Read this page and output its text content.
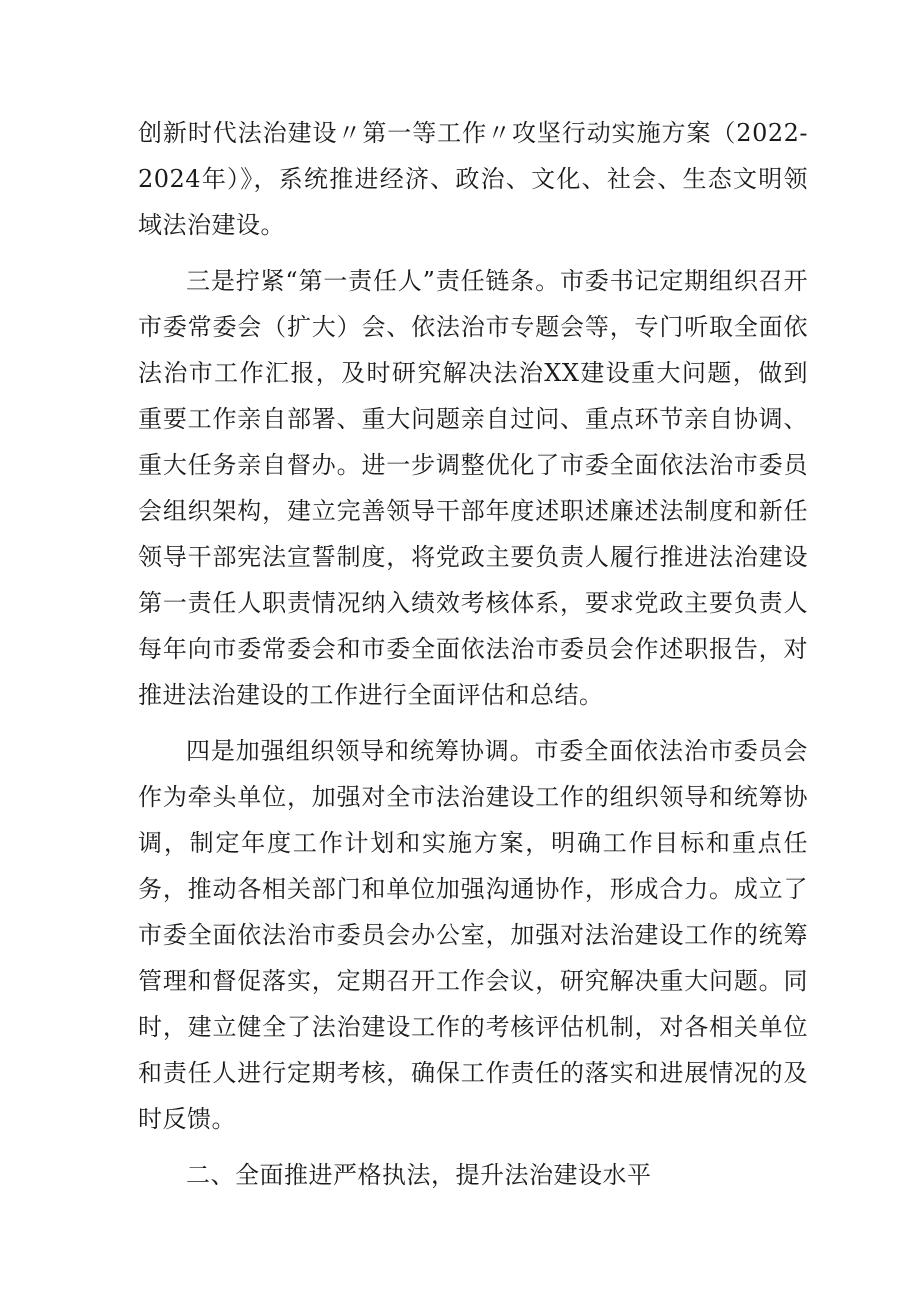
创新时代法治建设〃第一等工作〃攻坚行动实施方案（2022-2024年）》，系统推进经济、政治、文化、社会、生态文明领域法治建设。

三是拧紧“第一责任人”责任链条。市委书记定期组织召开市委常委会（扩大）会、依法治市专题会等，专门听取全面依法治市工作汇报，及时研究解决法治XX建设重大问题，做到重要工作亲自部署、重大问题亲自过问、重点环节亲自协调、重大任务亲自督办。进一步调整优化了市委全面依法治市委员会组织架构，建立完善领导干部年度述职述廉述法制度和新任领导干部宪法宣誓制度，将党政主要负责人履行推进法治建设第一责任人职责情况纳入绩效考核体系，要求党政主要负责人每年向市委常委会和市委全面依法治市委员会作述职报告，对推进法治建设的工作进行全面评估和总结。

四是加强组织领导和统筹协调。市委全面依法治市委员会作为牵头单位，加强对全市法治建设工作的组织领导和统筹协调，制定年度工作计划和实施方案，明确工作目标和重点任务，推动各相关部门和单位加强沟通协作，形成合力。成立了市委全面依法治市委员会办公室，加强对法治建设工作的统筹管理和督促落实，定期召开工作会议，研究解决重大问题。同时，建立健全了法治建设工作的考核评估机制，对各相关单位和责任人进行定期考核，确保工作责任的落实和进展情况的及时反馈。

二、全面推进严格执法，提升法治建设水平
